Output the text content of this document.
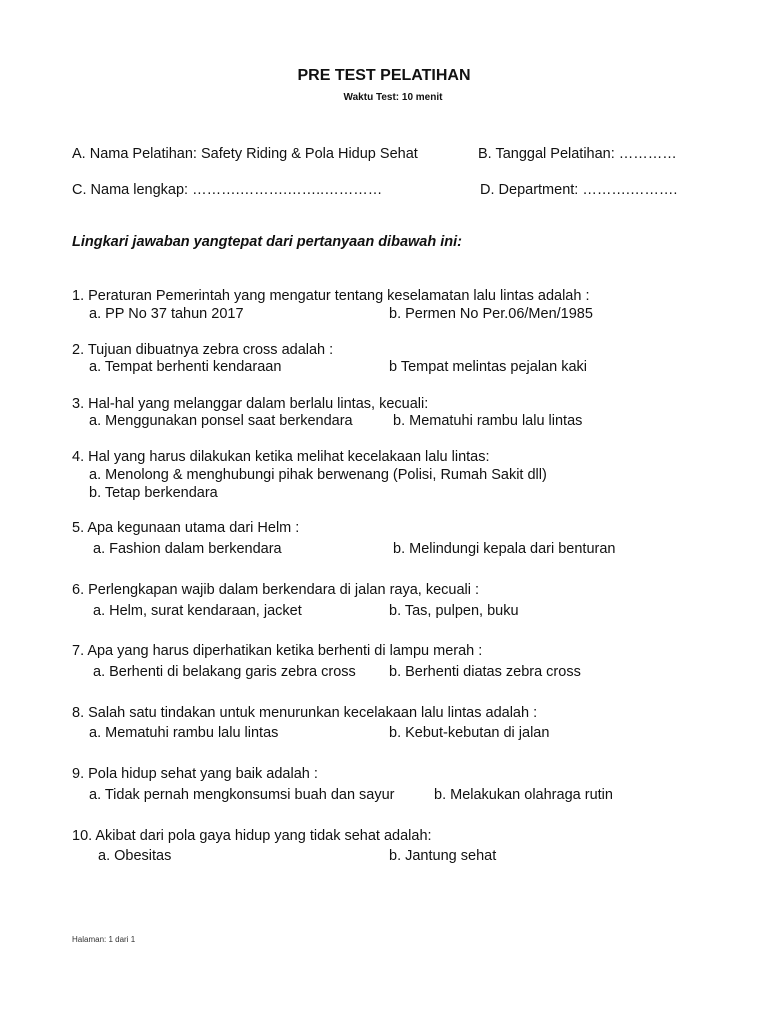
PRE TEST PELATIHAN
Waktu Test: 10 menit
A. Nama Pelatihan: Safety Riding & Pola Hidup Sehat	B. Tanggal Pelatihan: …………
C. Nama lengkap: ……….……….……..…………	D. Department: ……….……….
Lingkari jawaban yangtepat dari pertanyaan dibawah ini:
1. Peraturan Pemerintah yang mengatur tentang keselamatan lalu lintas adalah :
a. PP No 37 tahun 2017	b. Permen No Per.06/Men/1985
2. Tujuan dibuatnya zebra cross adalah :
a. Tempat berhenti kendaraan	b Tempat melintas pejalan kaki
3. Hal-hal yang melanggar dalam berlalu lintas, kecuali:
a. Menggunakan ponsel saat berkendara	b. Mematuhi rambu lalu lintas
4. Hal yang harus dilakukan ketika melihat kecelakaan lalu lintas:
a. Menolong & menghubungi pihak berwenang (Polisi, Rumah Sakit dll)
b. Tetap berkendara
5. Apa kegunaan utama dari Helm :
a. Fashion dalam berkendara	b. Melindungi kepala dari benturan
6. Perlengkapan wajib dalam berkendara di jalan raya, kecuali :
a. Helm, surat kendaraan, jacket	b. Tas, pulpen, buku
7. Apa yang harus diperhatikan ketika berhenti di lampu merah :
a. Berhenti di belakang garis zebra cross b. Berhenti diatas zebra cross
8. Salah satu tindakan untuk menurunkan kecelakaan lalu lintas adalah :
a. Mematuhi rambu lalu lintas	b. Kebut-kebutan di jalan
9. Pola hidup sehat yang baik adalah :
a. Tidak pernah mengkonsumsi buah dan sayur	b. Melakukan olahraga rutin
10. Akibat dari pola gaya hidup yang tidak sehat adalah:
a. Obesitas	b. Jantung sehat
Halaman: 1 dari 1
